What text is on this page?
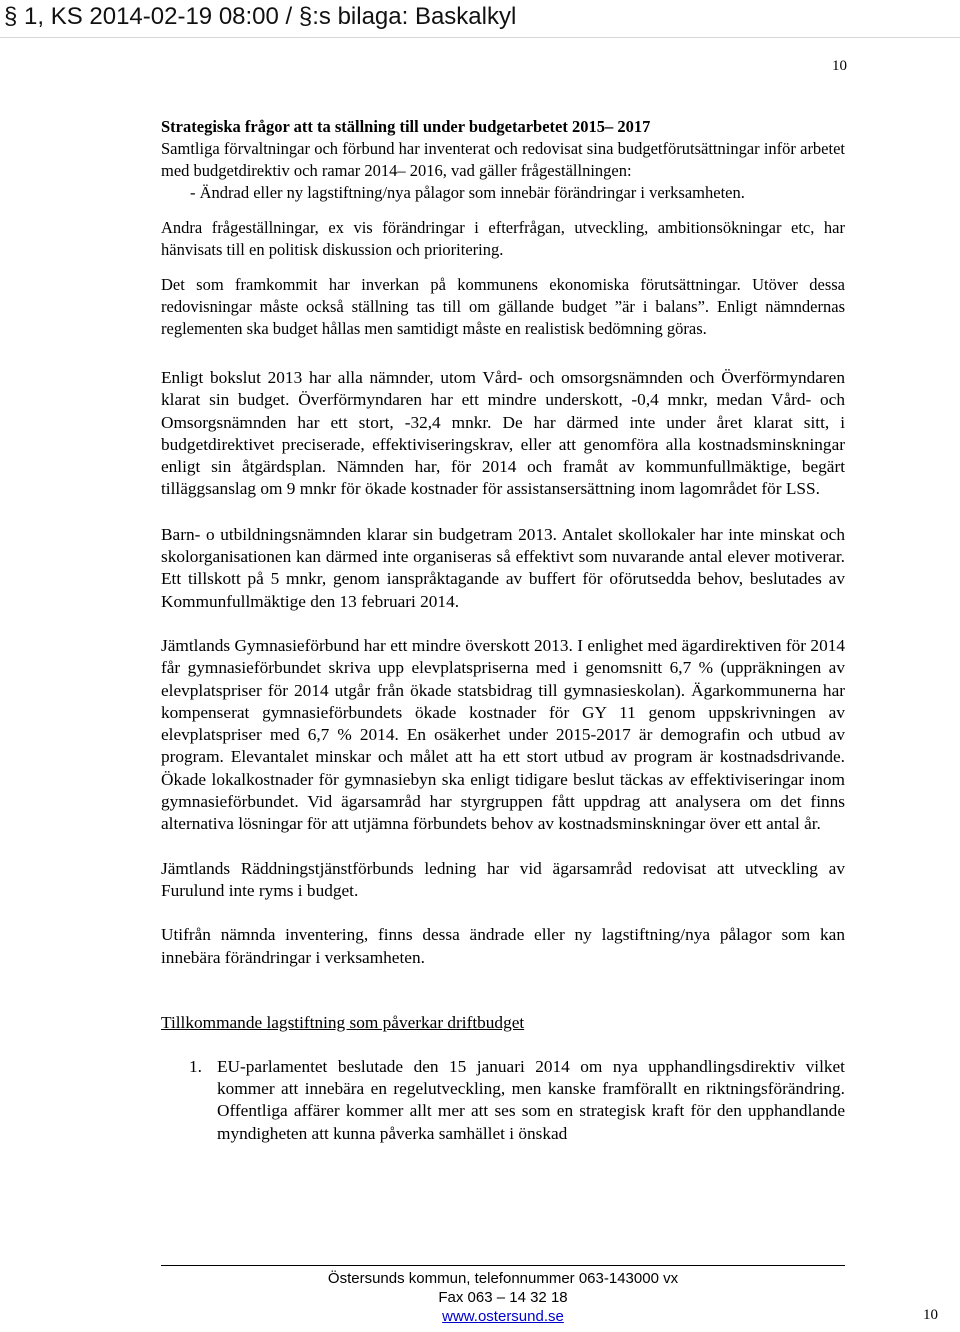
§ 1, KS 2014-02-19 08:00 / §:s bilaga: Baskalkyl
10

Strategiska frågor att ta ställning till under budgetarbetet 2015– 2017

Samtliga förvaltningar och förbund har inventerat och redovisat sina budgetförutsättningar inför arbetet med budgetdirektiv och ramar 2014– 2016, vad gäller frågeställningen:

- Ändrad eller ny lagstiftning/nya pålagor som innebär förändringar i verksamheten.

Andra frågeställningar, ex vis förändringar i efterfrågan, utveckling, ambitionsökningar etc, har hänvisats till en politisk diskussion och prioritering.

Det som framkommit har inverkan på kommunens ekonomiska förutsättningar. Utöver dessa redovisningar måste också ställning tas till om gällande budget ”är i balans”. Enligt nämndernas reglementen ska budget hållas men samtidigt måste en realistisk bedömning göras.

Enligt bokslut 2013 har alla nämnder, utom Vård- och omsorgsnämnden och Överförmyndaren klarat sin budget. Överförmyndaren har ett mindre underskott, -0,4 mnkr, medan Vård- och Omsorgsnämnden har ett stort, -32,4 mnkr. De har därmed inte under året klarat sitt, i budgetdirektivet preciserade, effektiviseringskrav, eller att genomföra alla kostnadsminskningar enligt sin åtgärdsplan. Nämnden har, för 2014 och framåt av kommunfullmäktige, begärt tilläggsanslag om 9 mnkr för ökade kostnader för assistansersättning inom lagområdet för LSS.

Barn- o utbildningsnämnden klarar sin budgetram 2013. Antalet skollokaler har inte minskat och skolorganisationen kan därmed inte organiseras så effektivt som nuvarande antal elever motiverar. Ett tillskott på 5 mnkr, genom ianspråktagande av buffert för oförutsedda behov, beslutades av Kommunfullmäktige den 13 februari 2014.

Jämtlands Gymnasieförbund har ett mindre överskott 2013. I enlighet med ägardirektiven för 2014 får gymnasieförbundet skriva upp elevplatspriserna med i genomsnitt 6,7 % (uppräkningen av elevplatspriser för 2014 utgår från ökade statsbidrag till gymnasieskolan). Ägarkommunerna har kompenserat gymnasieförbundets ökade kostnader för GY 11 genom uppskrivningen av elevplatspriser med 6,7 % 2014. En osäkerhet under 2015-2017 är demografin och utbud av program. Elevantalet minskar och målet att ha ett stort utbud av program är kostnadsdrivande. Ökade lokalkostnader för gymnasiebyn ska enligt tidigare beslut täckas av effektiviseringar inom gymnasieförbundet. Vid ägarsamråd har styrgruppen fått uppdrag att analysera om det finns alternativa lösningar för att utjämna förbundets behov av kostnadsminskningar över ett antal år.

Jämtlands Räddningstjänstförbunds ledning har vid ägarsamråd redovisat att utveckling av Furulund inte ryms i budget.

Utifrån nämnda inventering, finns dessa ändrade eller ny lagstiftning/nya pålagor som kan innebära förändringar i verksamheten.

Tillkommande lagstiftning som påverkar driftbudget

1. EU-parlamentet beslutade den 15 januari 2014 om nya upphandlingsdirektiv vilket kommer att innebära en regelutveckling, men kanske framförallt en riktningsförändring. Offentliga affärer kommer allt mer att ses som en strategisk kraft för den upphandlande myndigheten att kunna påverka samhället i önskad

Östersunds kommun, telefonnummer 063-143000 vx
Fax 063 – 14 32 18
www.ostersund.se	10
